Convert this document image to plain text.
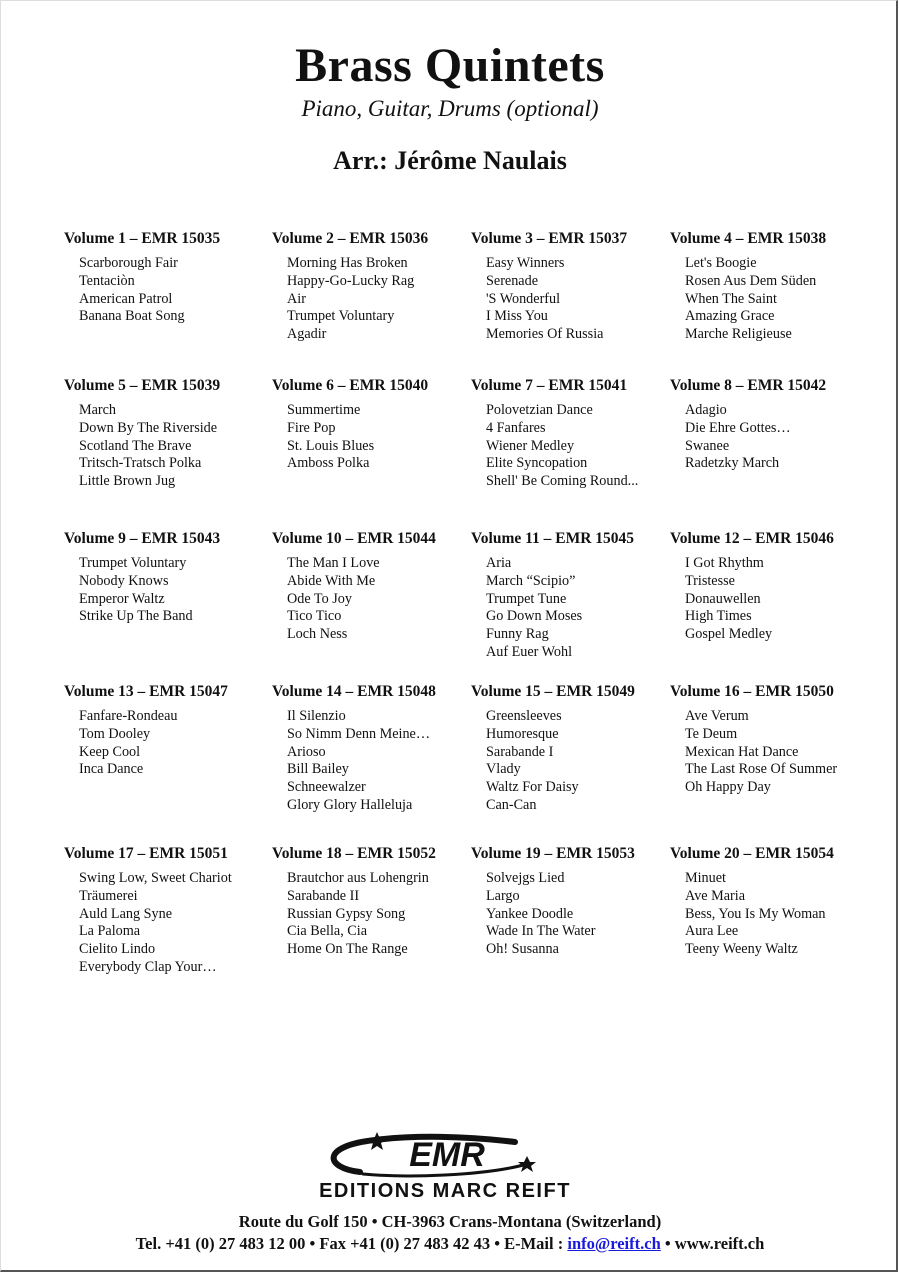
Brass Quintets
Piano, Guitar, Drums (optional)
Arr.: Jérôme Naulais
Volume 1 – EMR 15035
Scarborough Fair
Tentaciòn
American Patrol
Banana Boat Song
Volume 2 – EMR 15036
Morning Has Broken
Happy-Go-Lucky Rag
Air
Trumpet Voluntary
Agadir
Volume 3 – EMR 15037
Easy Winners
Serenade
'S Wonderful
I Miss You
Memories Of Russia
Volume 4 – EMR 15038
Let's Boogie
Rosen Aus Dem Süden
When The Saint
Amazing Grace
Marche Religieuse
Volume 5 – EMR 15039
March
Down By The Riverside
Scotland The Brave
Tritsch-Tratsch Polka
Little Brown Jug
Volume 6 – EMR 15040
Summertime
Fire Pop
St. Louis Blues
Amboss Polka
Volume 7 – EMR 15041
Polovetzian Dance
4 Fanfares
Wiener Medley
Elite Syncopation
Shell' Be Coming Round...
Volume 8 – EMR 15042
Adagio
Die Ehre Gottes…
Swanee
Radetzky March
Volume 9 – EMR 15043
Trumpet Voluntary
Nobody Knows
Emperor Waltz
Strike Up The Band
Volume 10 – EMR 15044
The Man I Love
Abide With Me
Ode To Joy
Tico Tico
Loch Ness
Volume 11 – EMR 15045
Aria
March “Scipio”
Trumpet Tune
Go Down Moses
Funny Rag
Auf Euer Wohl
Volume 12 – EMR 15046
I Got Rhythm
Tristesse
Donauwellen
High Times
Gospel Medley
Volume 13 – EMR 15047
Fanfare-Rondeau
Tom Dooley
Keep Cool
Inca Dance
Volume 14 – EMR 15048
Il Silenzio
So Nimm Denn Meine…
Arioso
Bill Bailey
Schneewalzer
Glory Glory Halleluja
Volume 15 – EMR 15049
Greensleeves
Humoresque
Sarabande I
Vlady
Waltz For Daisy
Can-Can
Volume 16 – EMR 15050
Ave Verum
Te Deum
Mexican Hat Dance
The Last Rose Of Summer
Oh Happy Day
Volume 17 – EMR 15051
Swing Low, Sweet Chariot
Träumerei
Auld Lang Syne
La Paloma
Cielito Lindo
Everybody Clap Your…
Volume 18 – EMR 15052
Brautchor aus Lohengrin
Sarabande II
Russian Gypsy Song
Cia Bella, Cia
Home On The Range
Volume 19 – EMR 15053
Solvejgs Lied
Largo
Yankee Doodle
Wade In The Water
Oh! Susanna
Volume 20 – EMR 15054
Minuet
Ave Maria
Bess, You Is My Woman
Aura Lee
Teeny Weeny Waltz
EMR
EDITIONS MARC REIFT
Route du Golf 150 • CH-3963 Crans-Montana (Switzerland)
Tel. +41 (0) 27 483 12 00 • Fax +41 (0) 27 483 42 43 • E-Mail : info@reift.ch • www.reift.ch
